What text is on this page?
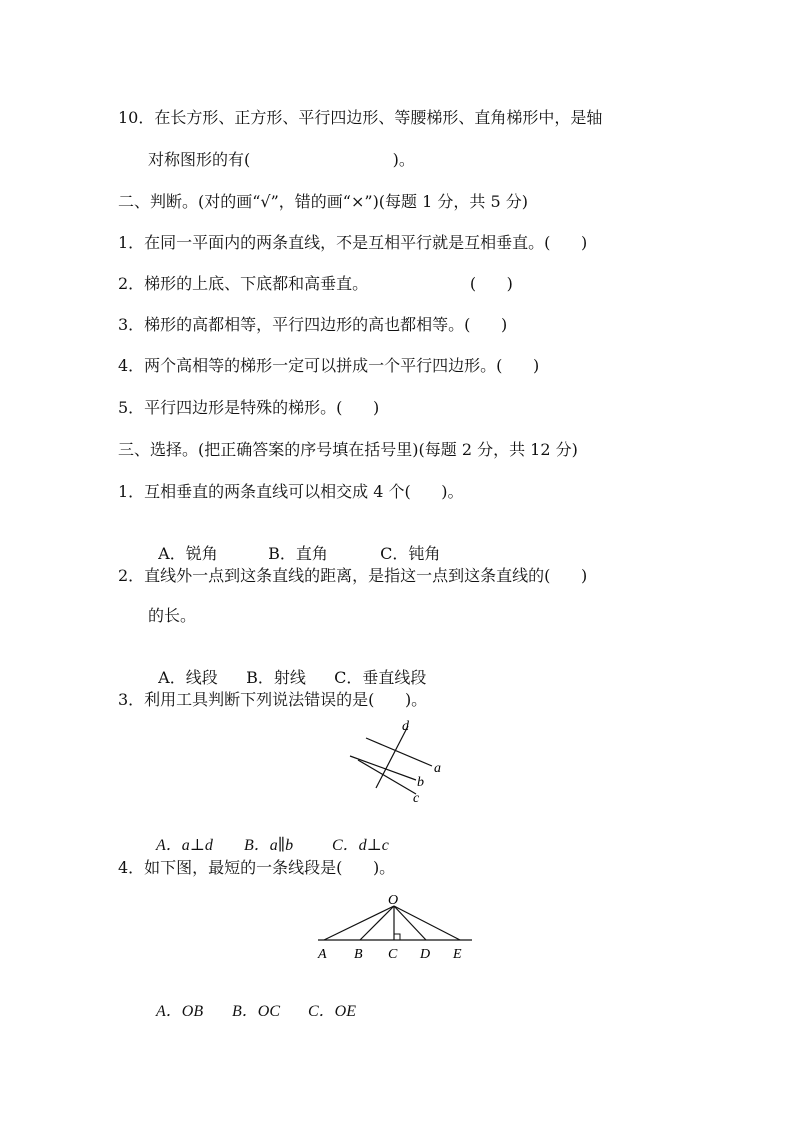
10．在长方形、正方形、平行四边形、等腰梯形、直角梯形中，是轴
对称图形的有(                            )。
二、判断。(对的画“√”，错的画“×”)(每题 1 分，共 5 分)
1．在同一平面内的两条直线，不是互相平行就是互相垂直。(      )
2．梯形的上底、下底都和高垂直。                    (      )
3．梯形的高都相等，平行四边形的高也都相等。(      )
4．两个高相等的梯形一定可以拼成一个平行四边形。(      )
5．平行四边形是特殊的梯形。(      )
三、选择。(把正确答案的序号填在括号里)(每题 2 分，共 12 分)
1．互相垂直的两条直线可以相交成 4 个(      )。

A．锐角	B．直角	C．钝角

2．直线外一点到这条直线的距离，是指这一点到这条直线的(      )
的长。

A．线段 B．射线 C．垂直线段

3．利用工具判断下列说法错误的是(      )。
d
a
b
c

A．a⊥d B．a∥b C．d⊥c

4．如下图，最短的一条线段是(      )。
O
A B C D E

A．OB B．OC C．OE
